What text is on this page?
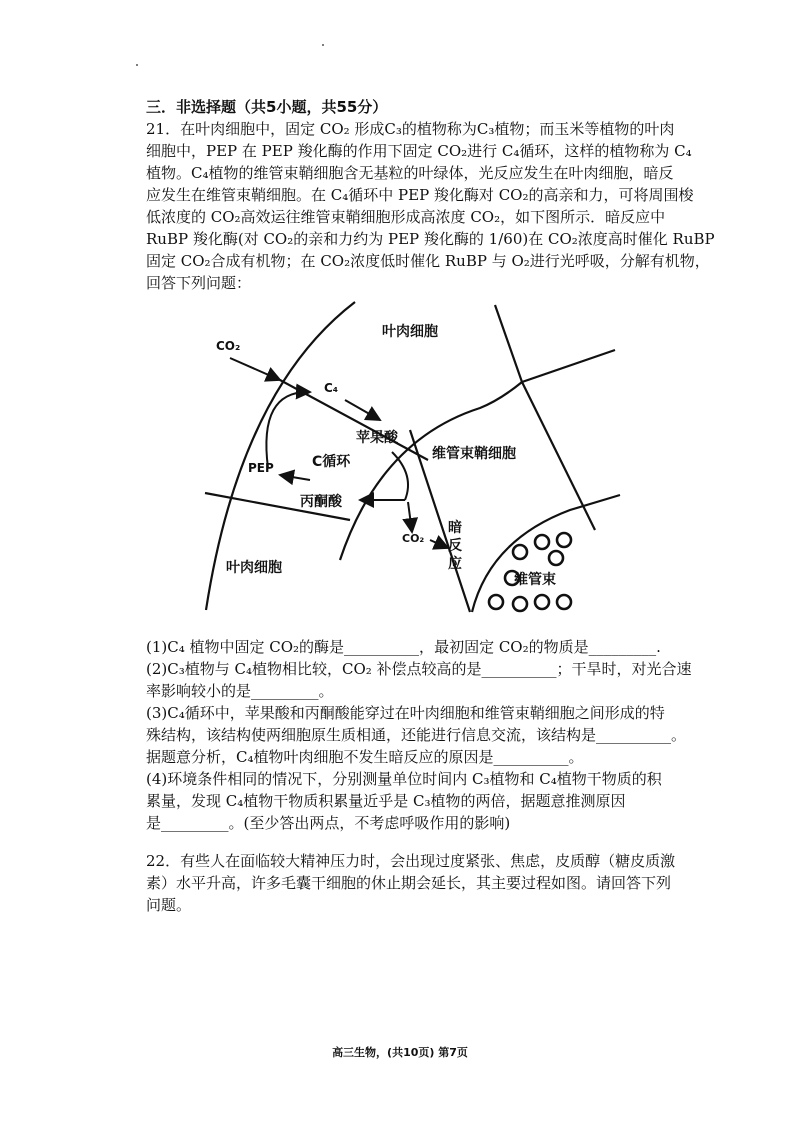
三．非选择题（共5小题，共55分）
21．在叶肉细胞中，固定 CO₂ 形成C₃的植物称为C₃植物；而玉米等植物的叶肉
细胞中，PEP 在 PEP 羧化酶的作用下固定 CO₂进行 C₄循环，这样的植物称为 C₄
植物。C₄植物的维管束鞘细胞含无基粒的叶绿体，光反应发生在叶肉细胞，暗反
应发生在维管束鞘细胞。在 C₄循环中 PEP 羧化酶对 CO₂的高亲和力，可将周围梭
低浓度的 CO₂高效运往维管束鞘细胞形成高浓度 CO₂，如下图所示．暗反应中
RuBP 羧化酶(对 CO₂的亲和力约为 PEP 羧化酶的 1/60)在 CO₂浓度高时催化 RuBP
固定 CO₂合成有机物；在 CO₂浓度低时催化 RuBP 与 O₂进行光呼吸，分解有机物，
回答下列问题：
叶肉细胞
叶肉细胞
维管束鞘细胞
维管束
CO₂
C₄
苹果酸
C循环
PEP
丙酮酸
CO₂
暗
反
应
(1)C₄ 植物中固定 CO₂的酶是__________，最初固定 CO₂的物质是_________.
(2)C₃植物与 C₄植物相比较，CO₂ 补偿点较高的是__________；干旱时，对光合速
率影响较小的是_________。
(3)C₄循环中，苹果酸和丙酮酸能穿过在叶肉细胞和维管束鞘细胞之间形成的特
殊结构，该结构使两细胞原生质相通，还能进行信息交流，该结构是__________。
据题意分析，C₄植物叶肉细胞不发生暗反应的原因是__________。
(4)环境条件相同的情况下，分别测量单位时间内 C₃植物和 C₄植物干物质的积
累量，发现 C₄植物干物质积累量近乎是 C₃植物的两倍，据题意推测原因
是_________。(至少答出两点，不考虑呼吸作用的影响)
22．有些人在面临较大精神压力时，会出现过度紧张、焦虑，皮质醇（糖皮质激
素）水平升高，许多毛囊干细胞的休止期会延长，其主要过程如图。请回答下列
问题。
高三生物，(共10页) 第7页
